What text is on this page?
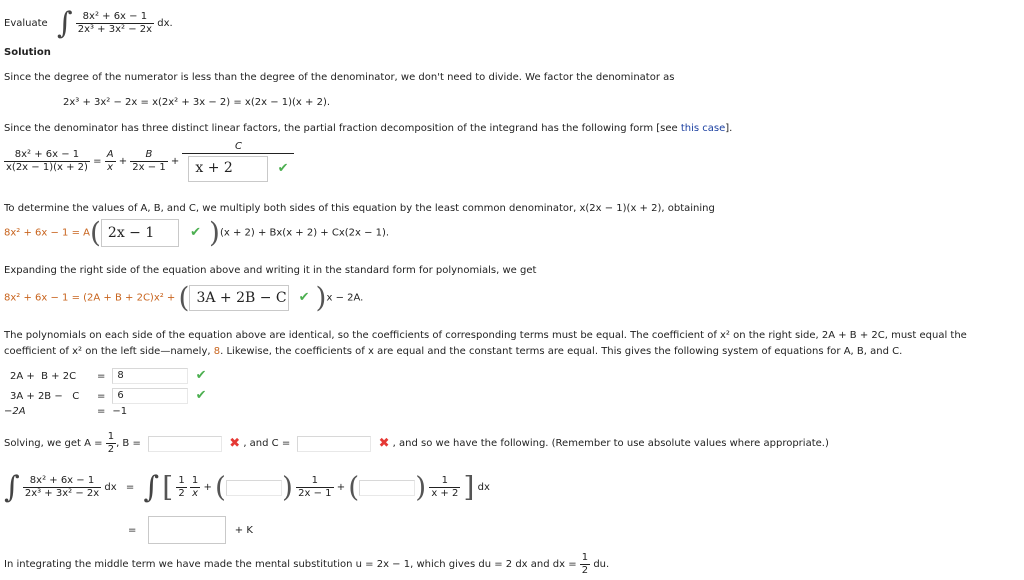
Evaluate ∫ $\frac{\text{8x² + 6x − 1}}{\text{2x³ + 3x² − 2x}}$ dx.
Solution
Since the degree of the numerator is less than the degree of the denominator, we don't need to divide. We factor the denominator as
2x³ + 3x² − 2x = x(2x² + 3x − 2) = x(2x − 1)(x + 2).
Since the denominator has three distinct linear factors, the partial fraction decomposition of the integrand has the following form [see this case].
$\frac{\text{8x² + 6x − 1}}{x(2x - 1)(x + 2)} = \frac{A}{x} + \frac{B}{2x - 1} + C$
x + 2	✔
To determine the values of A, B, and C, we multiply both sides of this equation by the least common denominator, x(2x − 1)(x + 2), obtaining
8x² + 6x − 1 = A( 2x − 1	✔ )(x + 2) + Bx(x + 2) + Cx(2x − 1).
Expanding the right side of the equation above and writing it in the standard form for polynomials, we get
8x² + 6x − 1 = (2A + B + 2C)x² + ( 3A + 2B − C ✔ )x − 2A.
The polynomials on each side of the equation above are identical, so the coefficients of corresponding terms must be equal. The coefficient of x² on the right side, 2A + B + 2C, must equal the
coefficient of x² on the left side—namely, 8. Likewise, the coefficients of x are equal and the constant terms are equal. This gives the following system of equations for A, B, and C.
2A +  B + 2C = 8	✔
3A + 2B −   C = 6	✔
−2A	= −1
Solving, we get $A = \frac{1}{2}$ , B =	✖ , and C =	✖ , and so we have the following. (Remember to use absolute values where appropriate.)
∫ $\frac{\text{8x² + 6x − 1}}{\text{2x³ + 3x² − 2x}}$ dx = ∫ [ $\frac{1}{2}$
$\frac{1}{x}$ + ( ) $\frac{1}{2x - 1}$ + ( ) $\frac{1}{x + 2}$ ] dx
=	+ K
In integrating the middle term we have made the mental substitution u = 2x − 1, which gives du = 2 dx and dx = $\frac{1}{2}$ du.
